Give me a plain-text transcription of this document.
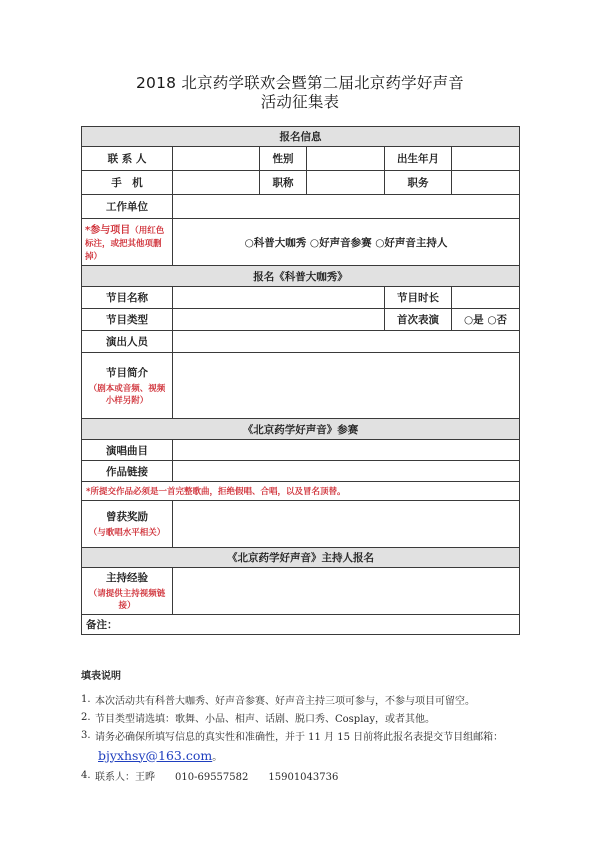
2018 北京药学联欢会暨第二届北京药学好声音
活动征集表
报名信息					
联 系 人		性别		出生年月	
手　机		职称		职务	
工作单位					
*参与项目（用红色标注，或把其他项删掉）	○科普大咖秀 ○好声音参赛 ○好声音主持人				
报名《科普大咖秀》					
节目名称				节目时长	
节目类型				首次表演	○是 ○否
演出人员					

节目简介
（剧本或音频、视频小样另附）					

《北京药学好声音》参赛					
演唱曲目					
作品链接					
*所提交作品必须是一首完整歌曲，拒绝假唱、合唱，以及冒名顶替。					

曾获奖励
（与歌唱水平相关）					

《北京药学好声音》主持人报名					

主持经验
（请提供主持视频链接）					

备注：					
填表说明
1. 本次活动共有科普大咖秀、好声音参赛、好声音主持三项可参与，不参与项目可留空。
2. 节目类型请选填：歌舞、小品、相声、话剧、脱口秀、Cosplay，或者其他。
3. 请务必确保所填写信息的真实性和准确性，并于 11 月 15 日前将此报名表提交节目组邮箱：
bjyxhsy@163.com 。
4. 联系人：王晔　　010-69557582　　15901043736
